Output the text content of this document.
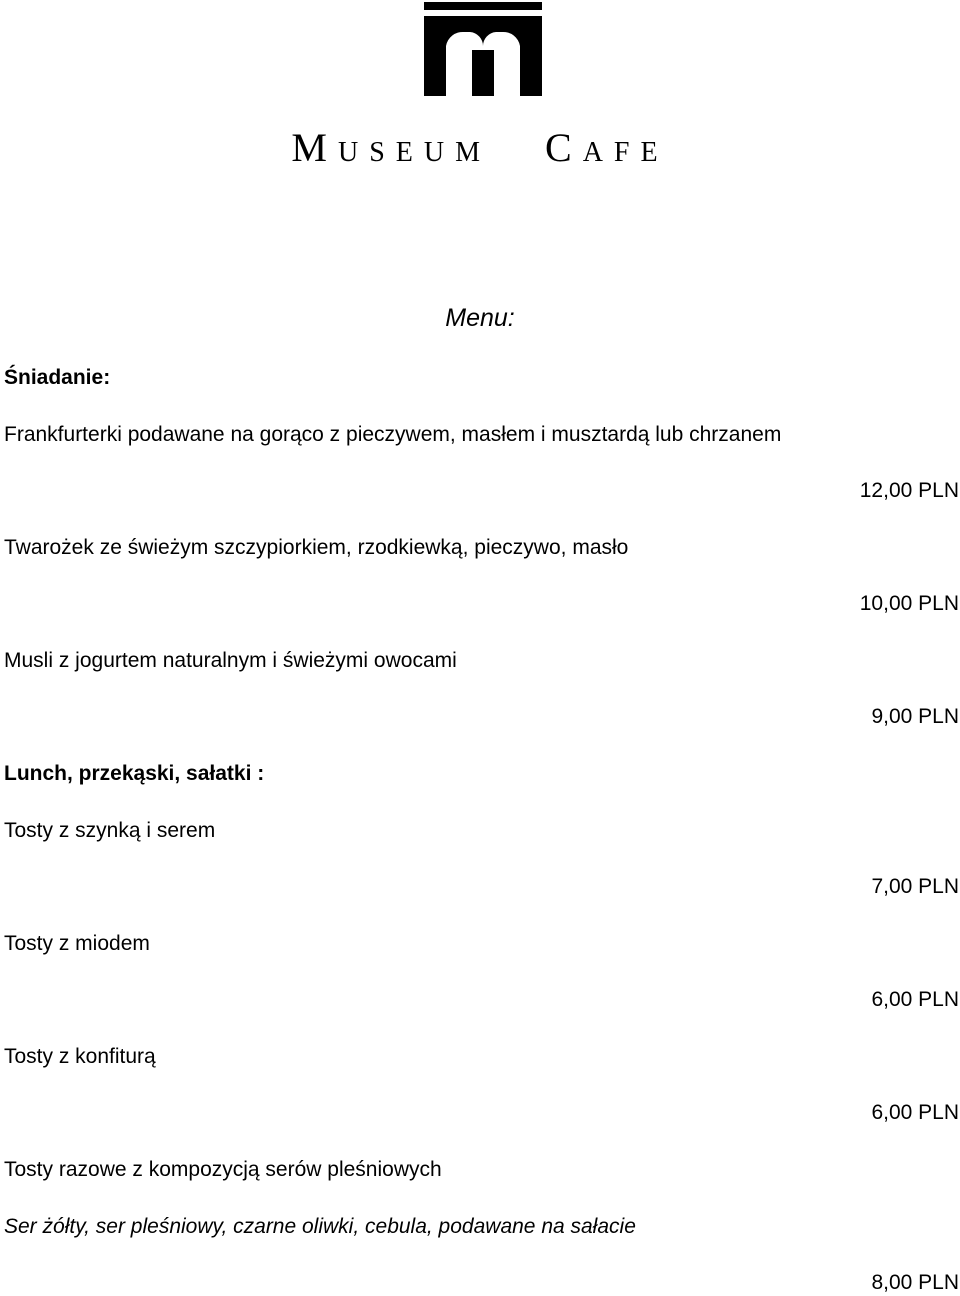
MUSEUM CAFE
Menu:
Śniadanie:
Frankfurterki podawane na gorąco z pieczywem, masłem i musztardą lub chrzanem
12,00 PLN
Twarożek ze świeżym szczypiorkiem, rzodkiewką, pieczywo, masło
10,00 PLN
Musli z jogurtem naturalnym i świeżymi owocami
9,00 PLN
Lunch, przekąski, sałatki :
Tosty z szynką i serem
7,00 PLN
Tosty z miodem
6,00 PLN
Tosty z konfiturą
6,00 PLN
Tosty razowe z kompozycją serów pleśniowych
Ser żółty, ser pleśniowy, czarne oliwki, cebula, podawane na sałacie
8,00 PLN
